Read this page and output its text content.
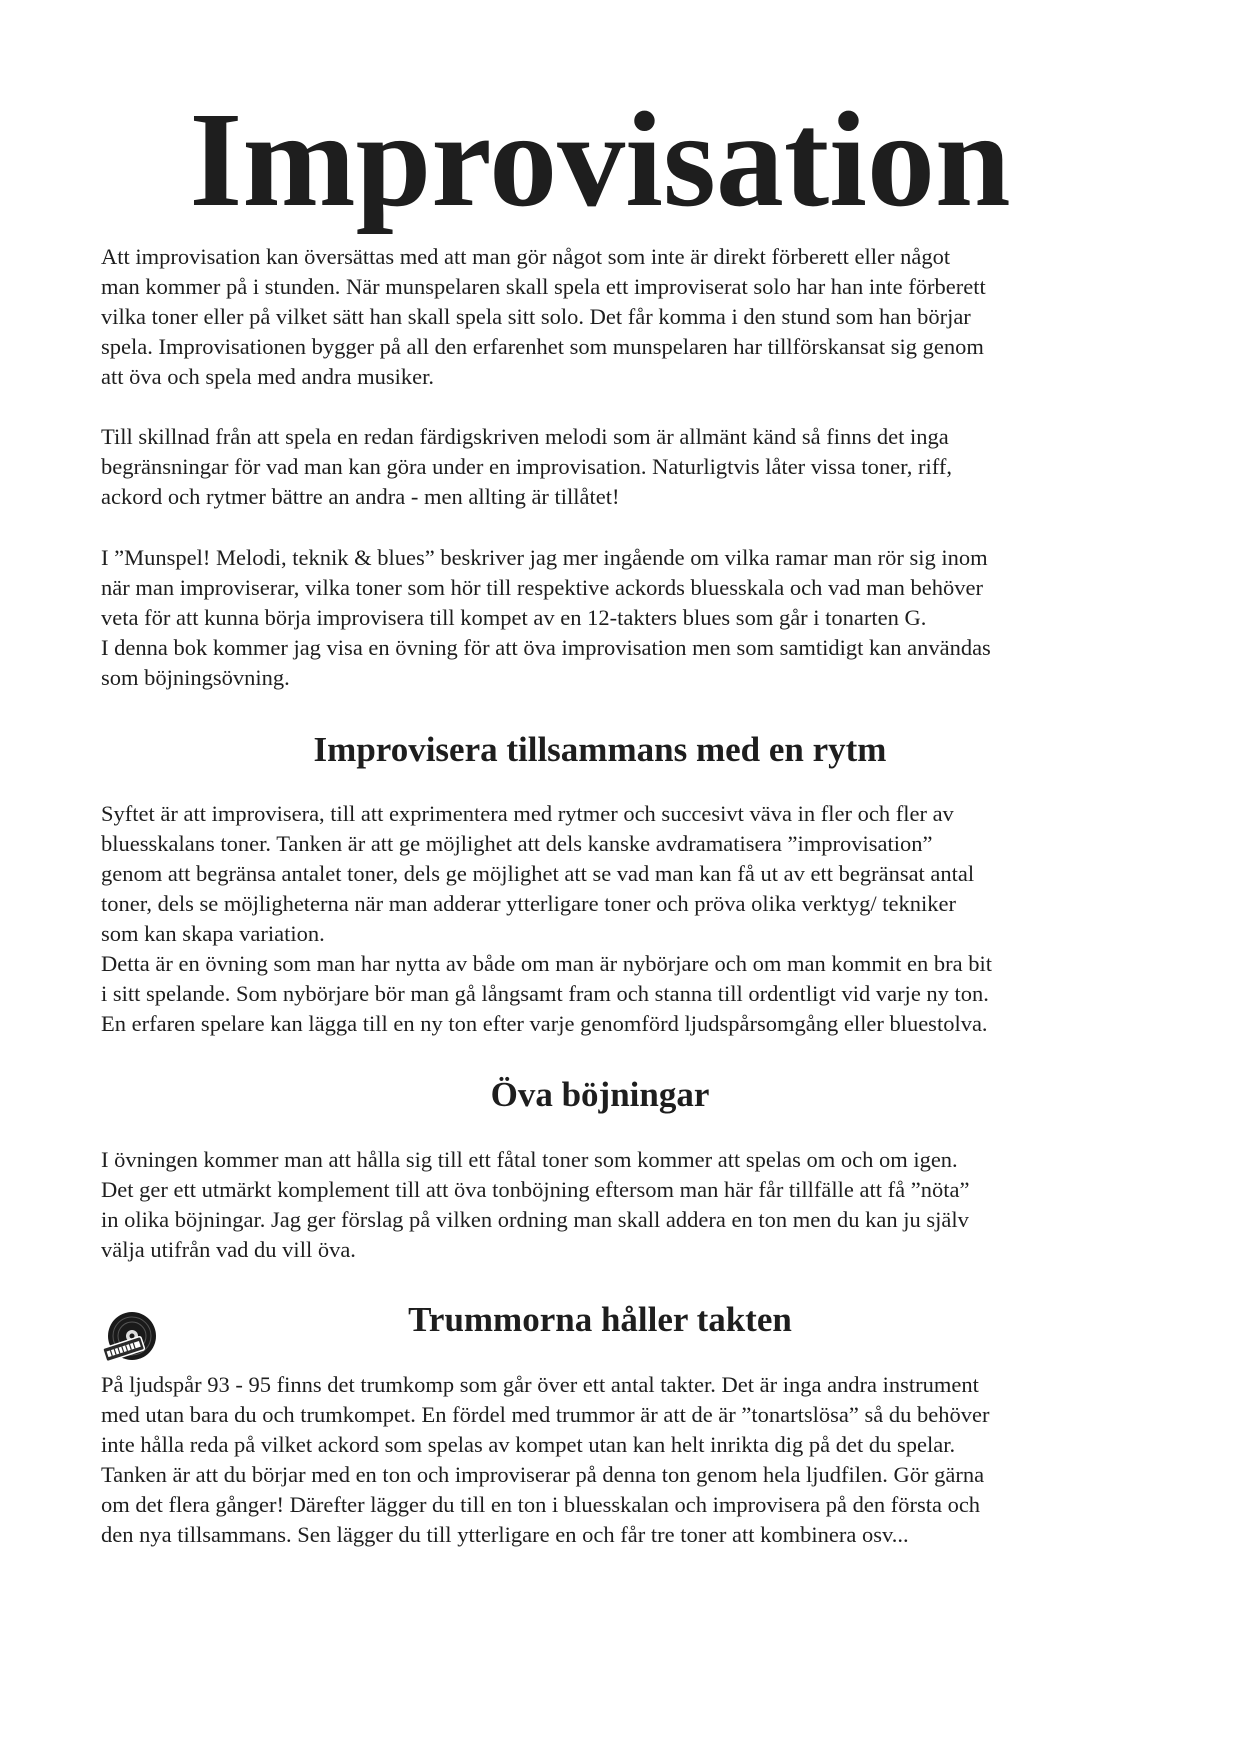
Improvisation

Att improvisation kan översättas med att man gör något som inte är direkt förberett eller något
man kommer på i stunden. När munspelaren skall spela ett improviserat solo har han inte förberett
vilka toner eller på vilket sätt han skall spela sitt solo. Det får komma i den stund som han börjar
spela. Improvisationen bygger på all den erfarenhet som munspelaren har tillförskansat sig genom
att öva och spela med andra musiker.

Till skillnad från att spela en redan färdigskriven melodi som är allmänt känd så finns det inga
begränsningar för vad man kan göra under en improvisation. Naturligtvis låter vissa toner, riff,
ackord och rytmer bättre an andra - men allting är tillåtet!

I ”Munspel! Melodi, teknik & blues” beskriver jag mer ingående om vilka ramar man rör sig inom
när man improviserar, vilka toner som hör till respektive ackords bluesskala och vad man behöver
veta för att kunna börja improvisera till kompet av en 12-takters blues som går i tonarten G.
I denna bok kommer jag visa en övning för att öva improvisation men som samtidigt kan användas
som böjningsövning.

Improvisera tillsammans med en rytm

Syftet är att improvisera, till att exprimentera med rytmer och succesivt väva in fler och fler av
bluesskalans toner. Tanken är att ge möjlighet att dels kanske avdramatisera ”improvisation”
genom att begränsa antalet toner, dels ge möjlighet att se vad man kan få ut av ett begränsat antal
toner, dels se möjligheterna när man adderar ytterligare toner och pröva olika verktyg/ tekniker
som kan skapa variation.
Detta är en övning som man har nytta av både om man är nybörjare och om man kommit en bra bit
i sitt spelande. Som nybörjare bör man gå långsamt fram och stanna till ordentligt vid varje ny ton.
En erfaren spelare kan lägga till en ny ton efter varje genomförd ljudspårsomgång eller bluestolva.

Öva böjningar

I övningen kommer man att hålla sig till ett fåtal toner som kommer att spelas om och om igen.
Det ger ett utmärkt komplement till att öva tonböjning eftersom man här får tillfälle att få ”nöta”
in olika böjningar. Jag ger förslag på vilken ordning man skall addera en ton men du kan ju själv
välja utifrån vad du vill öva.

Trummorna håller takten

På ljudspår 93 - 95 finns det trumkomp som går över ett antal takter. Det är inga andra instrument
med utan bara du och trumkompet. En fördel med trummor är att de är ”tonartslösa” så du behöver
inte hålla reda på vilket ackord som spelas av kompet utan kan helt inrikta dig på det du spelar.
Tanken är att du börjar med en ton och improviserar på denna ton genom hela ljudfilen. Gör gärna
om det flera gånger! Därefter lägger du till en ton i bluesskalan och improvisera på den första och
den nya tillsammans. Sen lägger du till ytterligare en och får tre toner att kombinera osv...
